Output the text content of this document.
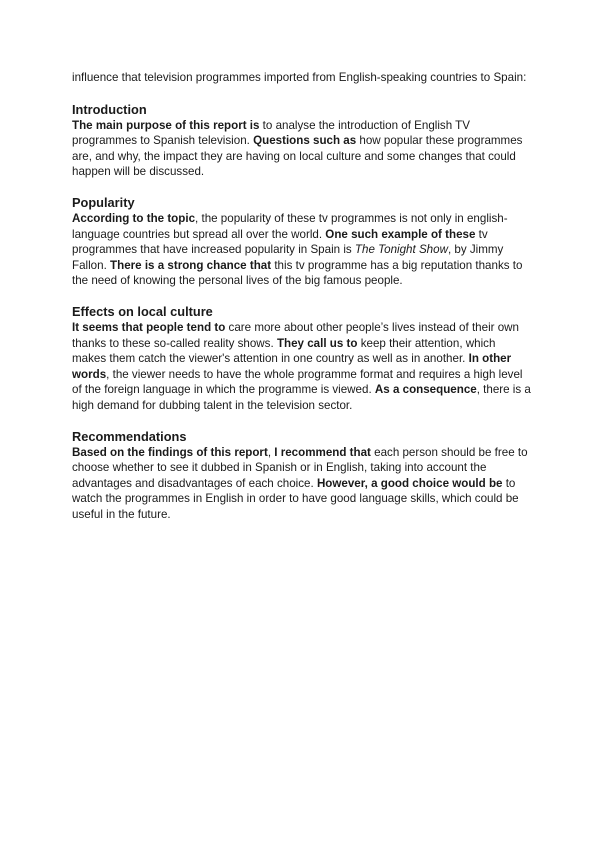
influence that television programmes imported from English-speaking countries to Spain:

Introduction

The main purpose of this report is to analyse the introduction of English TV programmes to Spanish television. Questions such as how popular these programmes are, and why, the impact they are having on local culture and some changes that could happen will be discussed.

Popularity

According to the topic, the popularity of these tv programmes is not only in english-language countries but spread all over the world. One such example of these tv programmes that have increased popularity in Spain is The Tonight Show, by Jimmy Fallon. There is a strong chance that this tv programme has a big reputation thanks to the need of knowing the personal lives of the big famous people.

Effects on local culture

It seems that people tend to care more about other people’s lives instead of their own thanks to these so-called reality shows. They call us to keep their attention, which makes them catch the viewer's attention in one country as well as in another. In other words, the viewer needs to have the whole programme format and requires a high level of the foreign language in which the programme is viewed. As a consequence, there is a high demand for dubbing talent in the television sector.

Recommendations

Based on the findings of this report, I recommend that each person should be free to choose whether to see it dubbed in Spanish or in English, taking into account the advantages and disadvantages of each choice. However, a good choice would be to watch the programmes in English in order to have good language skills, which could be useful in the future.
